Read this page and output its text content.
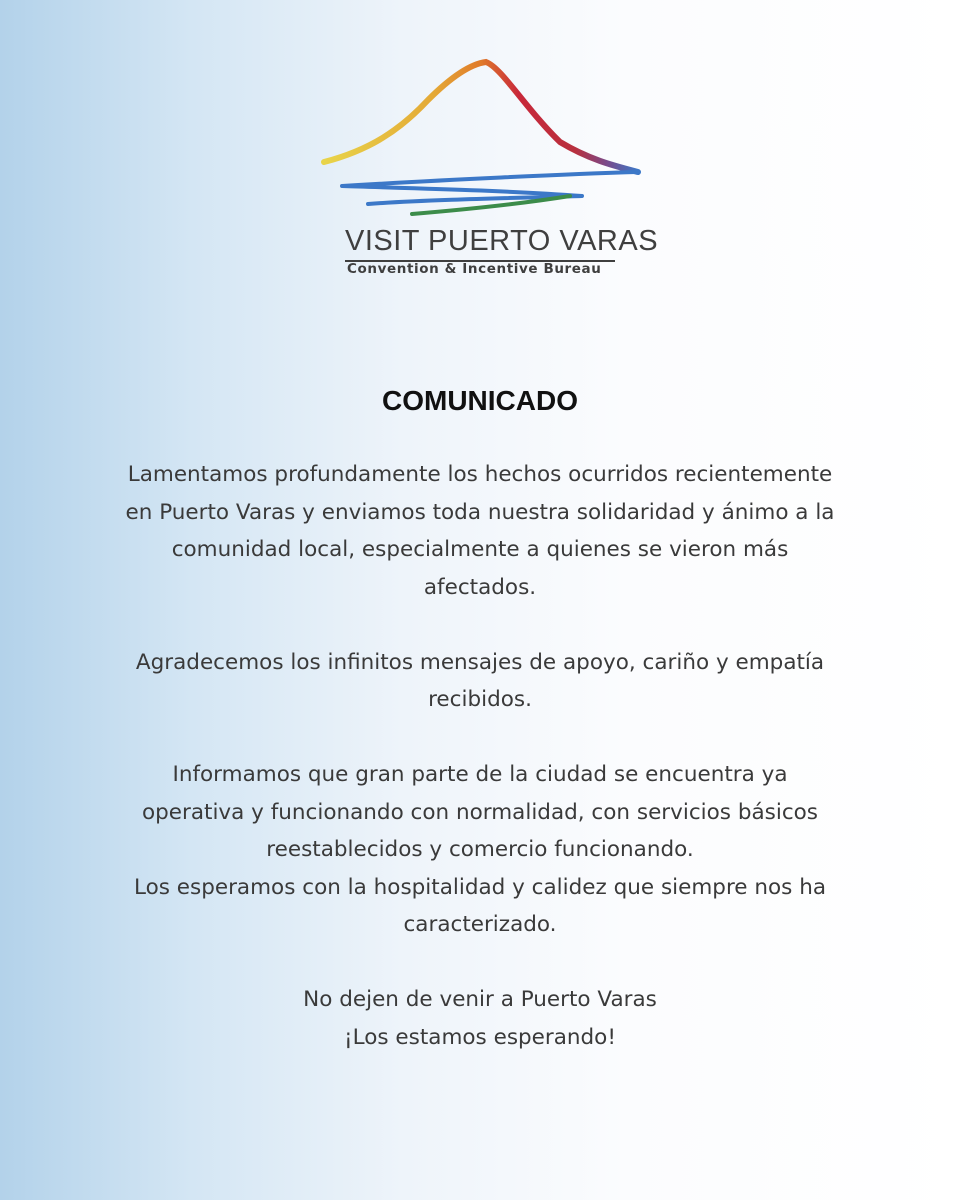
VISIT PUERTO VARAS
Convention & Incentive Bureau
COMUNICADO

Lamentamos profundamente los hechos ocurridos recientemente
en Puerto Varas y enviamos toda nuestra solidaridad y ánimo a la
comunidad local, especialmente a quienes se vieron más
afectados.

Agradecemos los infinitos mensajes de apoyo, cariño y empatía
recibidos.

Informamos que gran parte de la ciudad se encuentra ya
operativa y funcionando con normalidad, con servicios básicos
reestablecidos y comercio funcionando.

Los esperamos con la hospitalidad y calidez que siempre nos ha
caracterizado.

No dejen de venir a Puerto Varas
¡Los estamos esperando!
